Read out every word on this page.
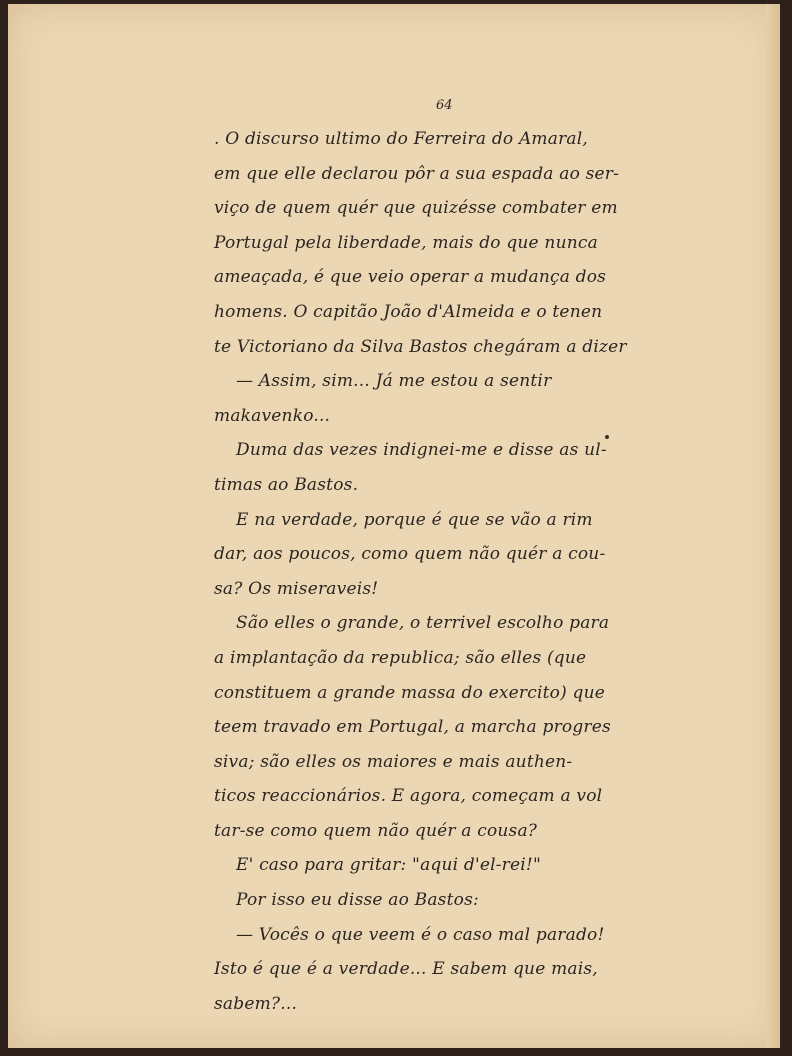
64
. O discurso ultimo do Ferreira do Amaral,
em que elle declarou pôr a sua espada ao ser-
viço de quem quér que quizésse combater em
Portugal pela liberdade, mais do que nunca
ameaçada, é que veio operar a mudança dos
homens. O capitão João d'Almeida e o tenen
te Victoriano da Silva Bastos chegáram a dizer
— Assim, sim... Já me estou a sentir
makavenko...
Duma das vezes indignei-me e disse as ul-
timas ao Bastos.
E na verdade, porque é que se vão a rim
dar, aos poucos, como quem não quér a cou-
sa? Os miseraveis!
São elles o grande, o terrivel escolho para
a implantação da republica; são elles (que
constituem a grande massa do exercito) que
teem travado em Portugal, a marcha progres
siva; são elles os maiores e mais authen-
ticos reaccionários. E agora, começam a vol
tar-se como quem não quér a cousa?
E' caso para gritar: "aqui d'el-rei!"
Por isso eu disse ao Bastos:
— Vocês o que veem é o caso mal parado!
Isto é que é a verdade... E sabem que mais,
sabem?...
